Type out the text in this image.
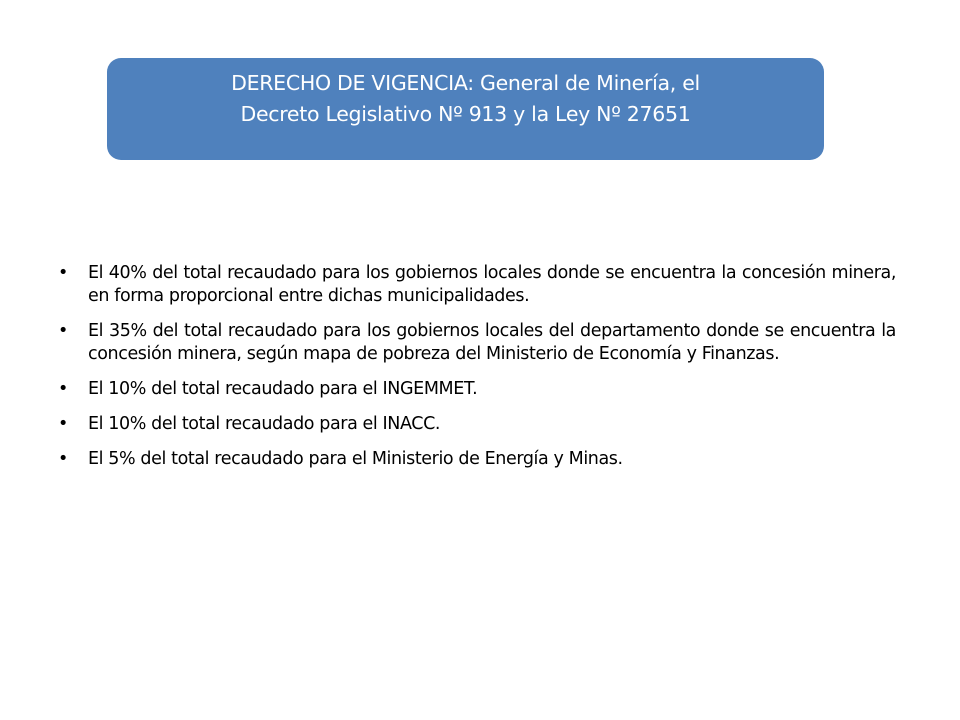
DERECHO DE VIGENCIA: General de Minería, el
Decreto Legislativo Nº 913 y la Ley Nº 27651
• El 40% del total recaudado para los gobiernos locales donde se encuentra la concesión minera, en forma proporcional entre dichas municipalidades.
• El 35% del total recaudado para los gobiernos locales del departamento donde se encuentra la concesión minera, según mapa de pobreza del Ministerio de Economía y Finanzas.
• El 10% del total recaudado para el INGEMMET.
• El 10% del total recaudado para el INACC.
• El 5% del total recaudado para el Ministerio de Energía y Minas.
